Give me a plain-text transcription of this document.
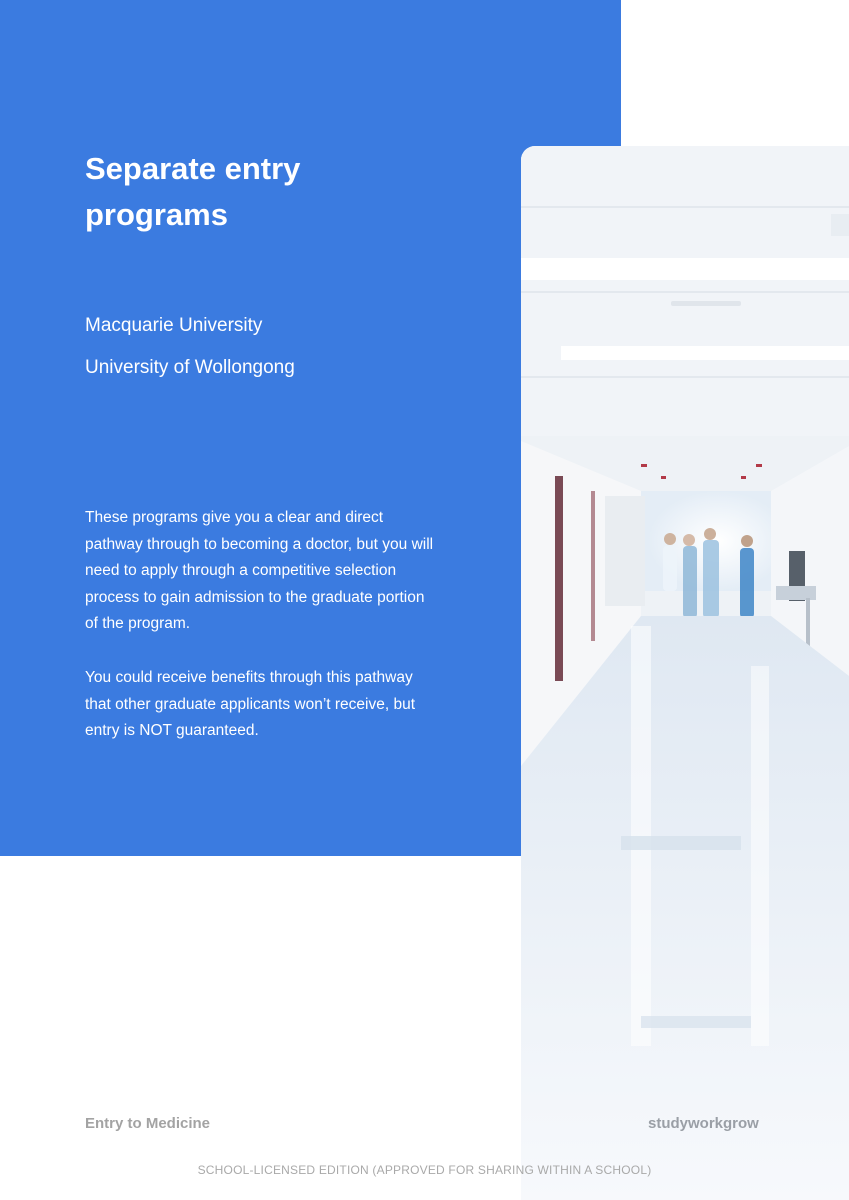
Separate entry programs
Macquarie University
University of Wollongong
These programs give you a clear and direct pathway through to becoming a doctor, but you will need to apply through a competitive selection process to gain admission to the graduate portion of the program.
You could receive benefits through this pathway that other graduate applicants won’t receive, but entry is NOT guaranteed.
Entry to Medicine	studyworkgrow
SCHOOL-LICENSED EDITION (APPROVED FOR SHARING WITHIN A SCHOOL)
